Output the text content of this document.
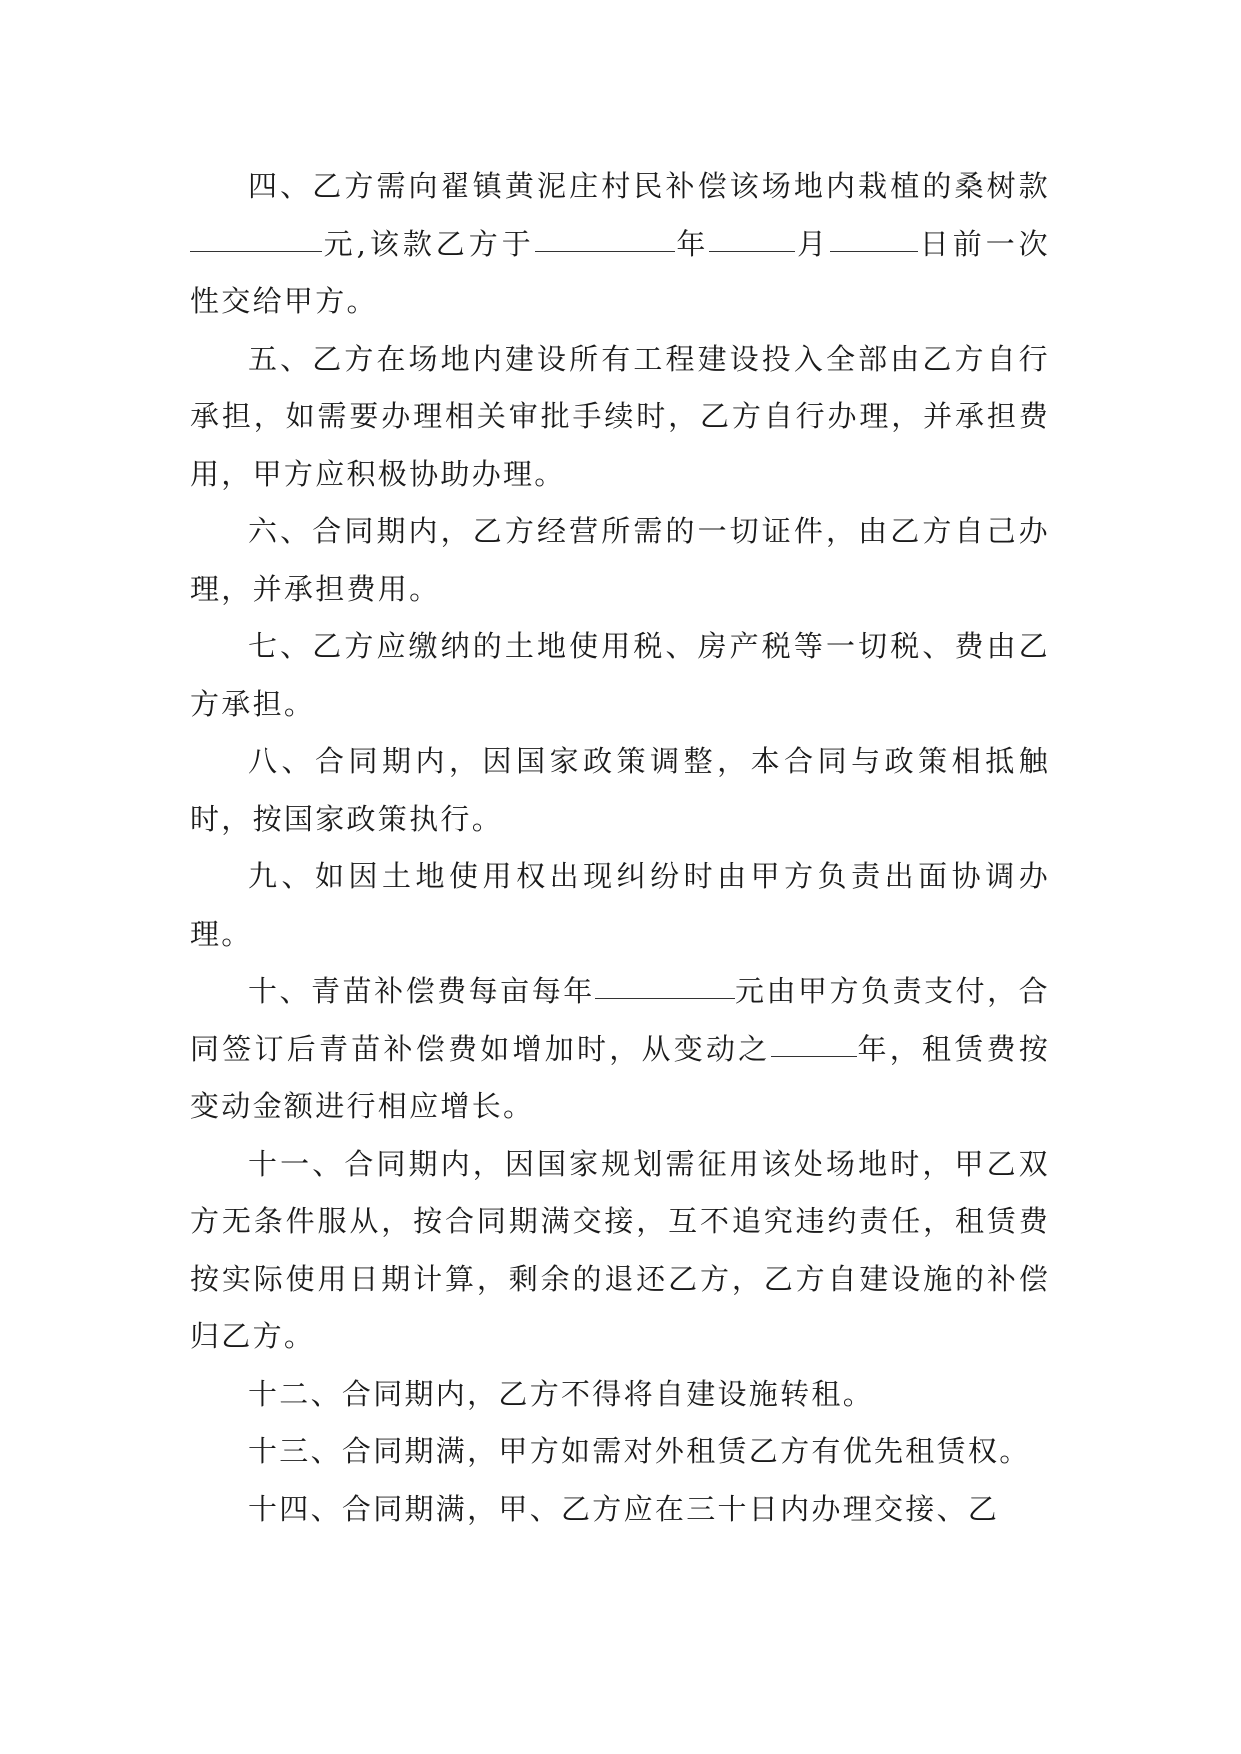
四、乙方需向翟镇黄泥庄村民补偿该场地内栽植的桑树款元,该款乙方于	年	月	日前一次性交给甲方。

五、乙方在场地内建设所有工程建设投入全部由乙方自行承担，如需要办理相关审批手续时，乙方自行办理，并承担费用，甲方应积极协助办理。

六、合同期内，乙方经营所需的一切证件，由乙方自己办理，并承担费用。

七、乙方应缴纳的土地使用税、房产税等一切税、费由乙方承担。

八、合同期内，因国家政策调整，本合同与政策相抵触时，按国家政策执行。

九、如因土地使用权出现纠纷时由甲方负责出面协调办理。

十、青苗补偿费每亩每年	元由甲方负责支付，合同签订后青苗补偿费如增加时，从变动之	年，租赁费按变动金额进行相应增长。

十一、合同期内，因国家规划需征用该处场地时，甲乙双方无条件服从，按合同期满交接，互不追究违约责任，租赁费按实际使用日期计算，剩余的退还乙方，乙方自建设施的补偿归乙方。

十二、合同期内，乙方不得将自建设施转租。

十三、合同期满，甲方如需对外租赁乙方有优先租赁权。

十四、合同期满，甲、乙方应在三十日内办理交接、乙
